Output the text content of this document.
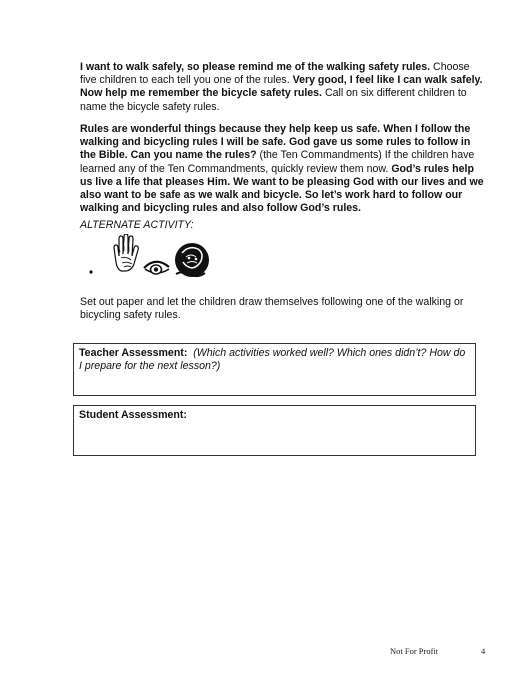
I want to walk safely, so please remind me of the walking safety rules. Choose five children to each tell you one of the rules. Very good, I feel like I can walk safely. Now help me remember the bicycle safety rules. Call on six different children to name the bicycle safety rules.

Rules are wonderful things because they help keep us safe. When I follow the walking and bicycling rules I will be safe. God gave us some rules to follow in the Bible. Can you name the rules? (the Ten Commandments) If the children have learned any of the Ten Commandments, quickly review them now. God’s rules help us live a life that pleases Him. We want to be pleasing God with our lives and we also want to be safe as we walk and bicycle. So let’s work hard to follow our walking and bicycling rules and also follow God’s rules.

ALTERNATE ACTIVITY:

Set out paper and let the children draw themselves following one of the walking or bicycling safety rules.

Teacher Assessment: (Which activities worked well? Which ones didn’t? How do I prepare for the next lesson?)
Student Assessment:
Not For Profit	4
